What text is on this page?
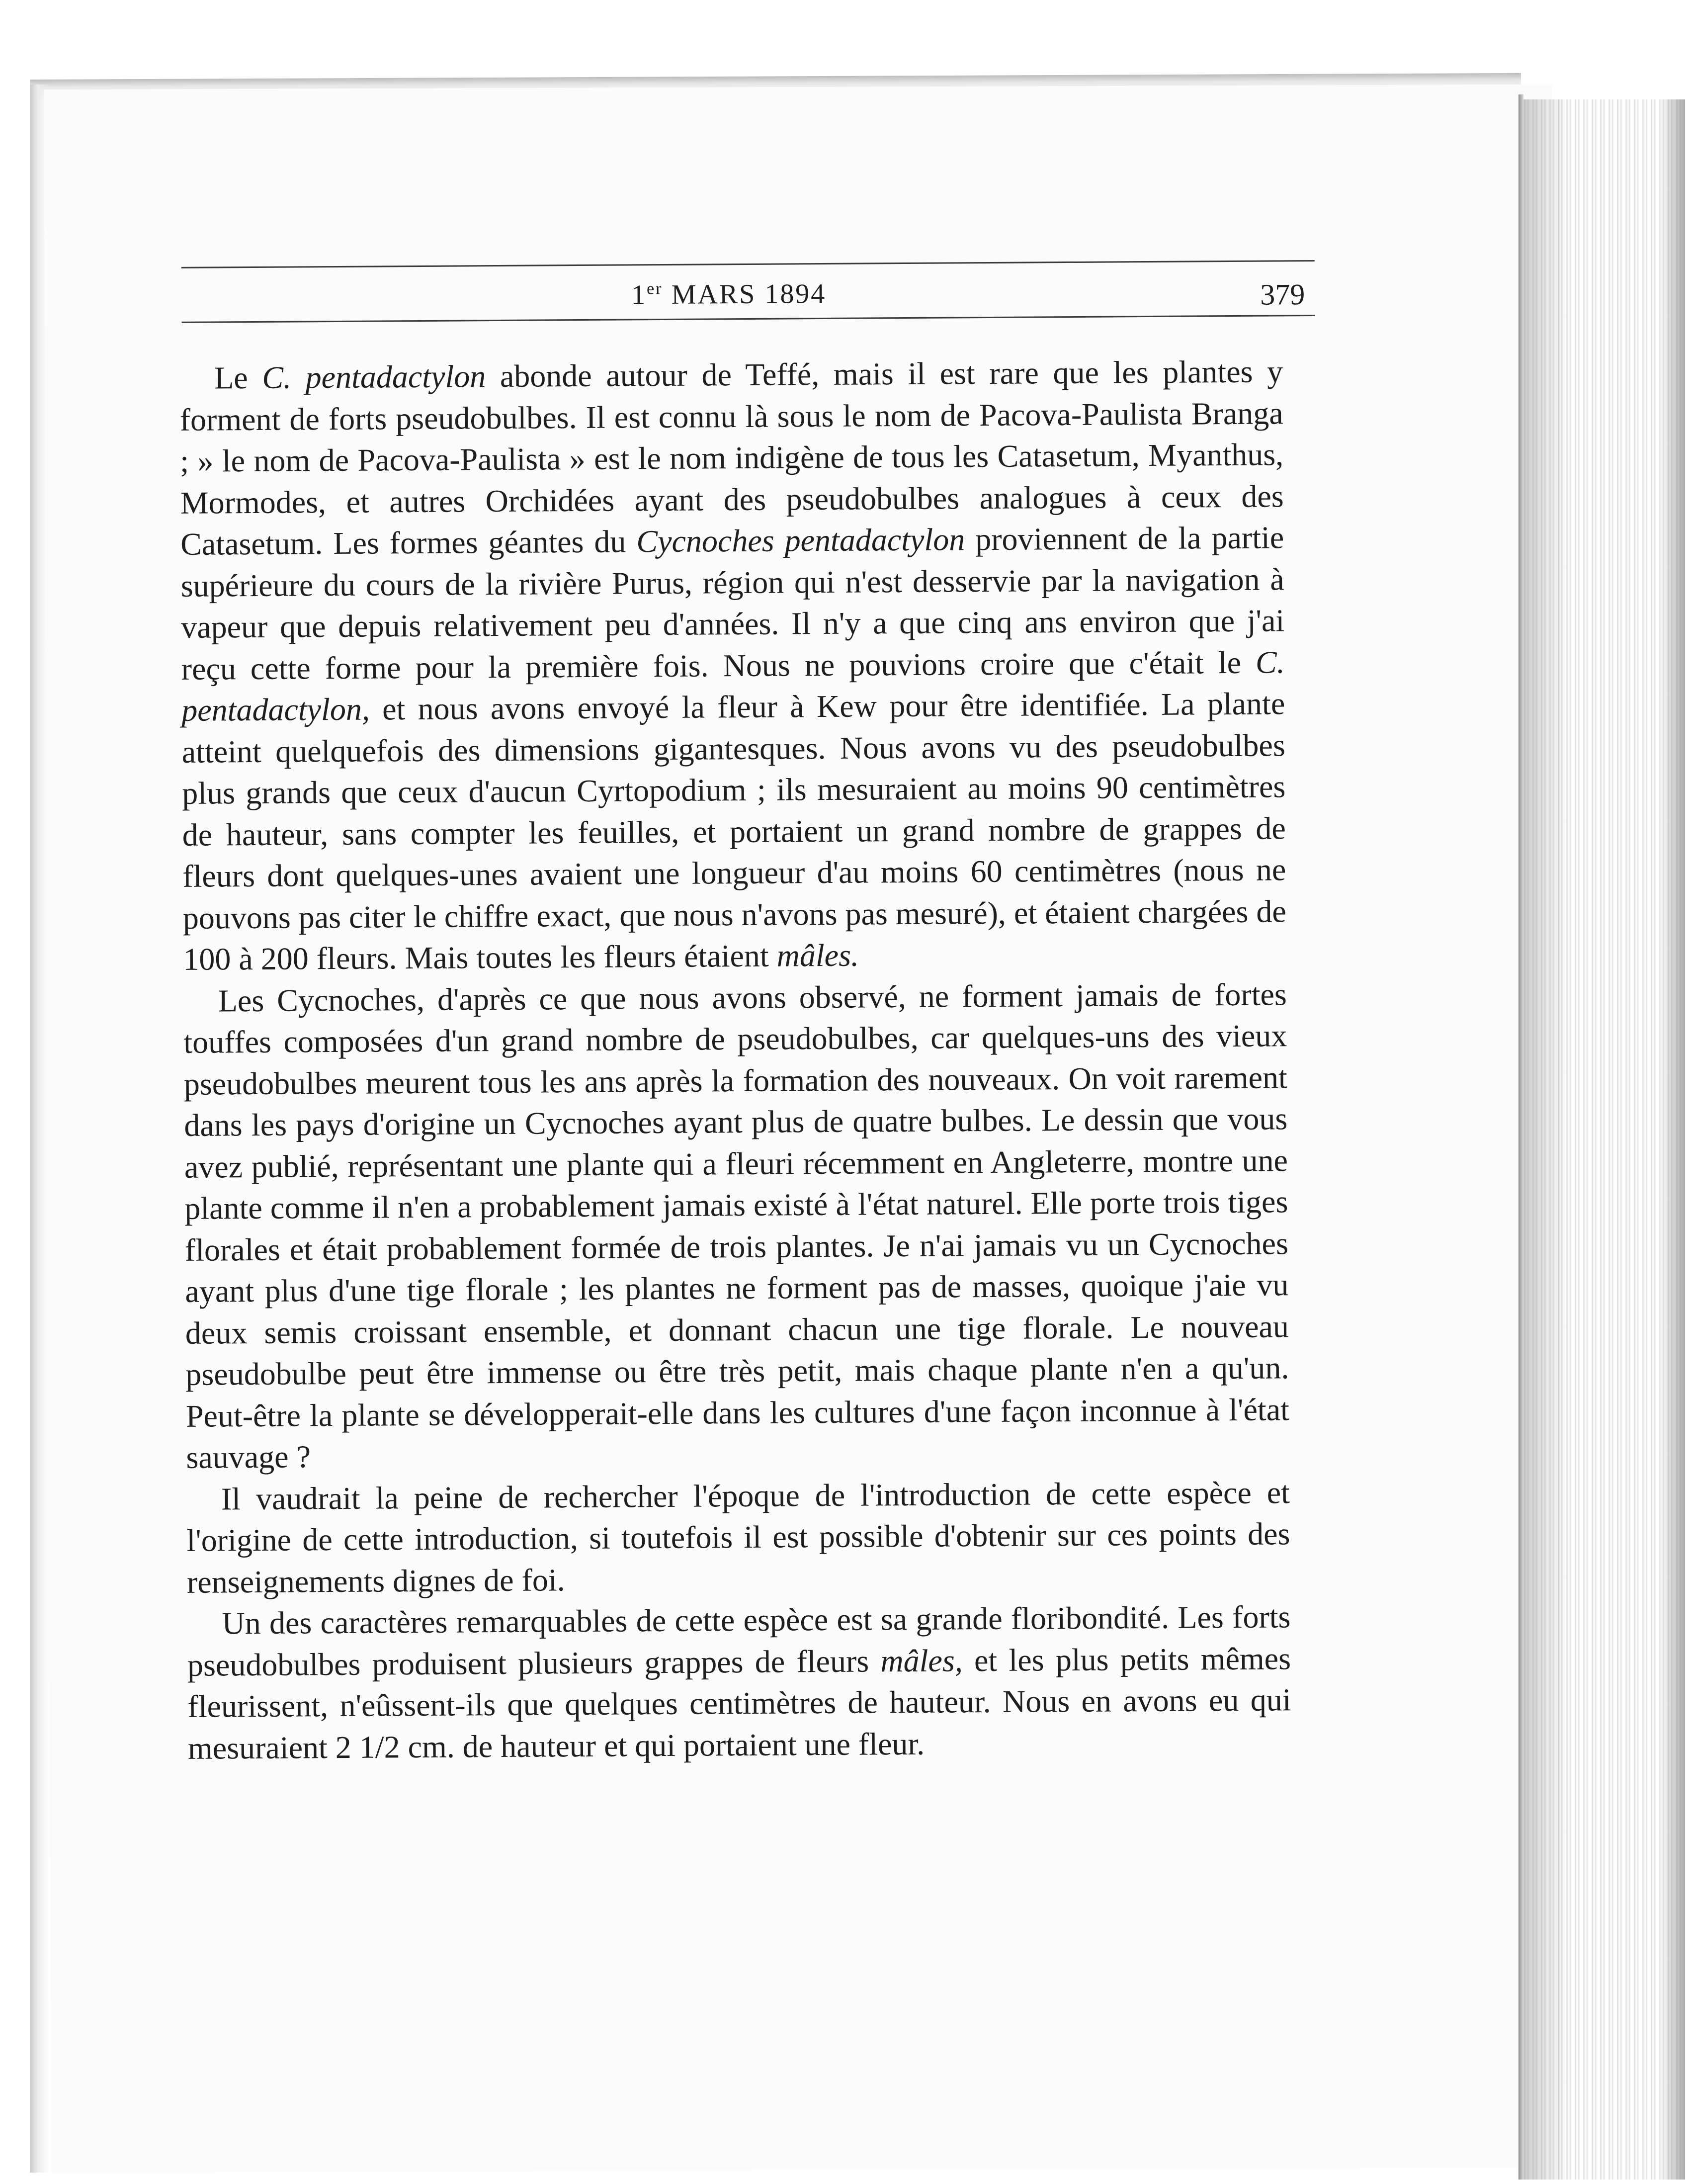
1er MARS 1894	379

Le C. pentadactylon abonde autour de Teffé, mais il est rare que les plantes y forment de forts pseudobulbes. Il est connu là sous le nom de Pacova-Paulista Branga ; » le nom de Pacova-Paulista » est le nom indigène de tous les Catasetum, Myanthus, Mormodes, et autres Orchidées ayant des pseudobulbes analogues à ceux des Catasetum. Les formes géantes du Cycnoches pentadactylon proviennent de la partie supérieure du cours de la rivière Purus, région qui n'est desservie par la navigation à vapeur que depuis relativement peu d'années. Il n'y a que cinq ans environ que j'ai reçu cette forme pour la première fois. Nous ne pouvions croire que c'était le C. pentadactylon, et nous avons envoyé la fleur à Kew pour être identifiée. La plante atteint quelquefois des dimensions gigantesques. Nous avons vu des pseudobulbes plus grands que ceux d'aucun Cyrtopodium ; ils mesuraient au moins 90 centimètres de hauteur, sans compter les feuilles, et portaient un grand nombre de grappes de fleurs dont quelques-unes avaient une longueur d'au moins 60 centimètres (nous ne pouvons pas citer le chiffre exact, que nous n'avons pas mesuré), et étaient chargées de 100 à 200 fleurs. Mais toutes les fleurs étaient mâles.

Les Cycnoches, d'après ce que nous avons observé, ne forment jamais de fortes touffes composées d'un grand nombre de pseudobulbes, car quelques-uns des vieux pseudobulbes meurent tous les ans après la formation des nouveaux. On voit rarement dans les pays d'origine un Cycnoches ayant plus de quatre bulbes. Le dessin que vous avez publié, représentant une plante qui a fleuri récemment en Angleterre, montre une plante comme il n'en a probablement jamais existé à l'état naturel. Elle porte trois tiges florales et était probablement formée de trois plantes. Je n'ai jamais vu un Cycnoches ayant plus d'une tige florale ; les plantes ne forment pas de masses, quoique j'aie vu deux semis croissant ensemble, et donnant chacun une tige florale. Le nouveau pseudobulbe peut être immense ou être très petit, mais chaque plante n'en a qu'un. Peut-être la plante se développerait-elle dans les cultures d'une façon inconnue à l'état sauvage ?

Il vaudrait la peine de rechercher l'époque de l'introduction de cette espèce et l'origine de cette introduction, si toutefois il est possible d'obtenir sur ces points des renseignements dignes de foi.

Un des caractères remarquables de cette espèce est sa grande floribondité. Les forts pseudobulbes produisent plusieurs grappes de fleurs mâles, et les plus petits mêmes fleurissent, n'eûssent-ils que quelques centimètres de hauteur. Nous en avons eu qui mesuraient 2 1/2 cm. de hauteur et qui portaient une fleur.
